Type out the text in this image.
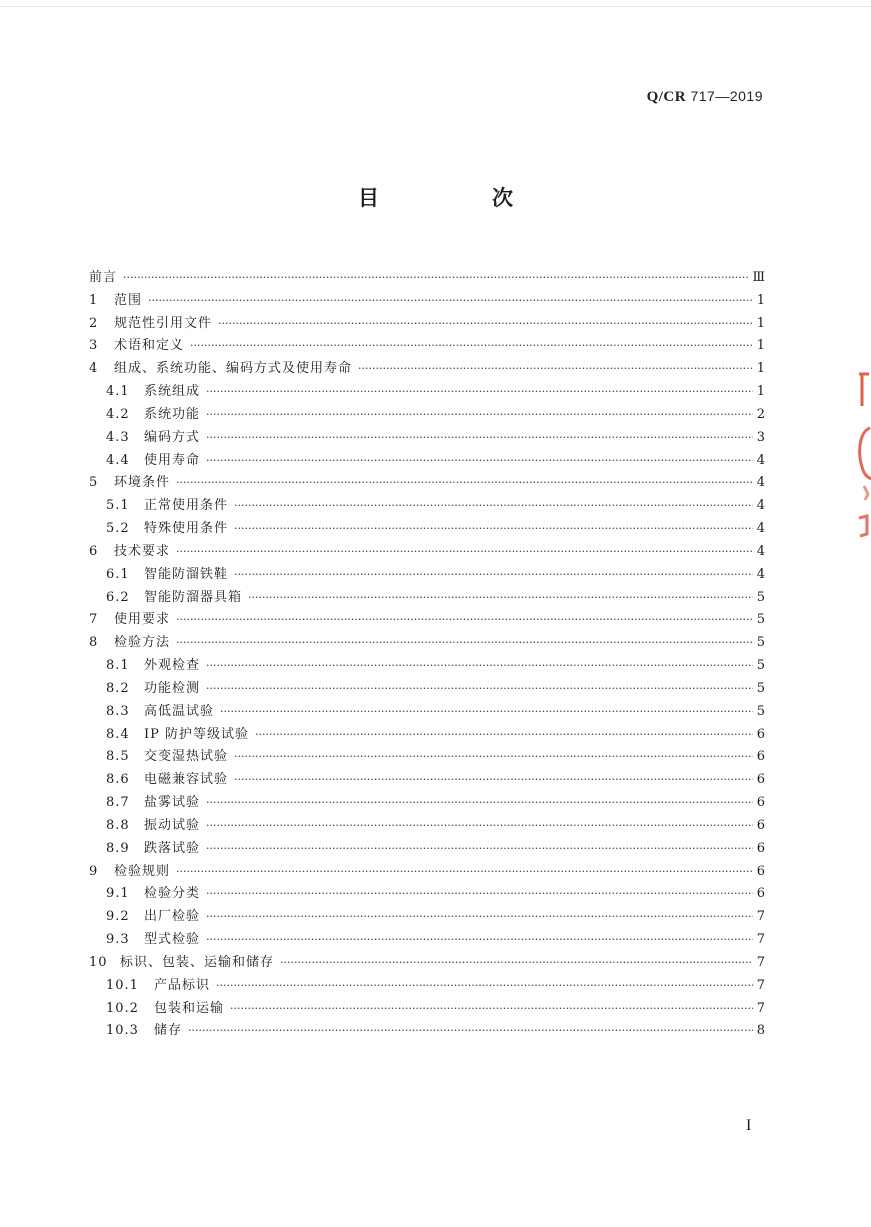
Q/CR 717—2019
目　次
前言 ·····	Ⅲ
1	范围 ·····	1
2	规范性引用文件 ·····	1
3	术语和定义 ·····	1
4	组成、系统功能、编码方式及使用寿命 ·····	1
4.1	系统组成 ·····	1
4.2	系统功能 ·····	2
4.3	编码方式 ·····	3
4.4	使用寿命 ·····	4
5	环境条件 ·····	4
5.1	正常使用条件 ·····	4
5.2	特殊使用条件 ·····	4
6	技术要求 ·····	4
6.1	智能防溜铁鞋 ·····	4
6.2	智能防溜器具箱 ·····	5
7	使用要求 ·····	5
8	检验方法 ·····	5
8.1	外观检查 ·····	5
8.2	功能检测 ·····	5
8.3	高低温试验 ·····	5
8.4	IP 防护等级试验 ·····	6
8.5	交变湿热试验 ·····	6
8.6	电磁兼容试验 ·····	6
8.7	盐雾试验 ·····	6
8.8	振动试验 ·····	6
8.9	跌落试验 ·····	6
9	检验规则 ·····	6
9.1	检验分类 ·····	6
9.2	出厂检验 ·····	7
9.3	型式检验 ·····	7
10 标识、包装、运输和储存 ·····	7
10.1	产品标识 ·····	7
10.2	包装和运输 ·····	7
10.3	储存 ·····	8
I
